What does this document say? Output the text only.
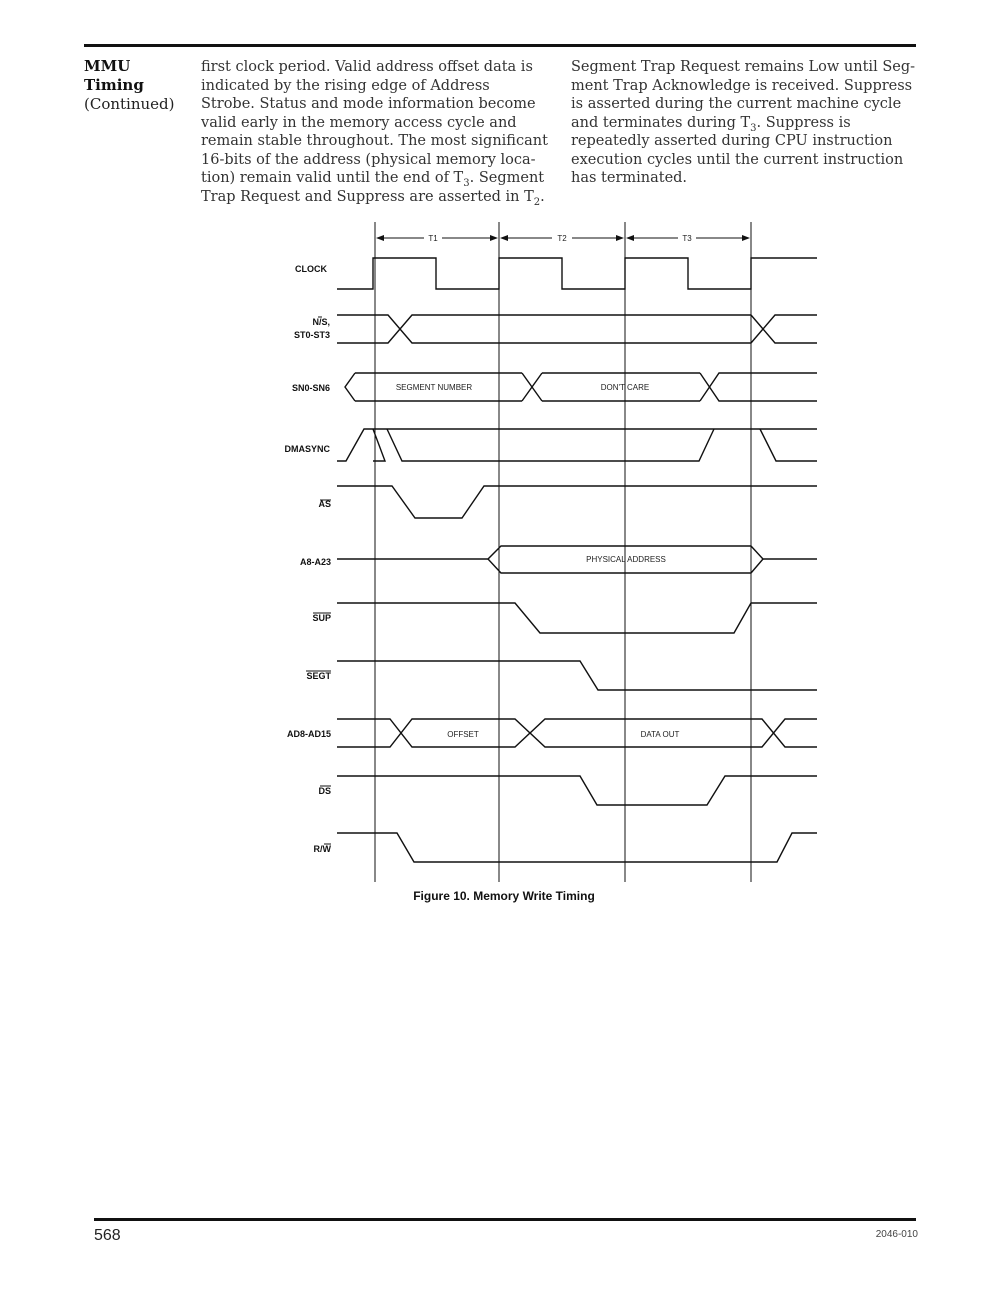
MMU
Timing
(Continued)
first clock period. Valid address offset data is
indicated by the rising edge of Address
Strobe. Status and mode information become
valid early in the memory access cycle and
remain stable throughout. The most significant
16-bits of the address (physical memory loca-
tion) remain valid until the end of $T_3$. Segment
Trap Request and Suppress are asserted in $T_2$.
Segment Trap Request remains Low until Seg-
ment Trap Acknowledge is received. Suppress
is asserted during the current machine cycle
and terminates during $T_3$. Suppress is
repeatedly asserted during CPU instruction
execution cycles until the current instruction
has terminated.
T1	T2	T3
CLOCK
N/S,
ST0-ST3
SN0-SN6
DMASYNC
AS
A8-A23
SUP
SEGT
AD8-AD15
DS
R/W
SEGMENT NUMBER	DON'T CARE
PHYSICAL ADDRESS
OFFSET	DATA OUT
Figure 10. Memory Write Timing
568	2046-010
